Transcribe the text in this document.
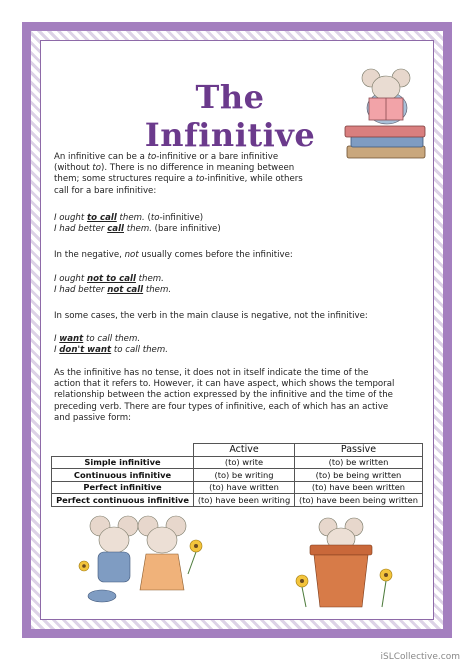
The Infinitive
An infinitive can be a to-infinitive or a bare infinitive
(without to). There is no difference in meaning between
them; some structures require a to-infinitive, while others
call for a bare infinitive:
I ought to call them. (to-infinitive)
I had better call them. (bare infinitive)
In the negative, not usually comes before the infinitive:
I ought not to call them.
I had better not call them.
In some cases, the verb in the main clause is negative, not the infinitive:
I want to call them.
I don't want to call them.
As the infinitive has no tense, it does not in itself indicate the time of the
action that it refers to. However, it can have aspect, which shows the temporal
relationship between the action expressed by the infinitive and the time of the
preceding verb. There are four types of infinitive, each of which has an active
and passive form:
	Active	Passive
Simple infinitive	(to) write	(to) be written
Continuous infinitive	(to) be writing	(to) be being written
Perfect infinitive	(to) have written	(to) have been written
Perfect continuous infinitive	(to) have been writing	(to) have been being written
iSLCollective.com
